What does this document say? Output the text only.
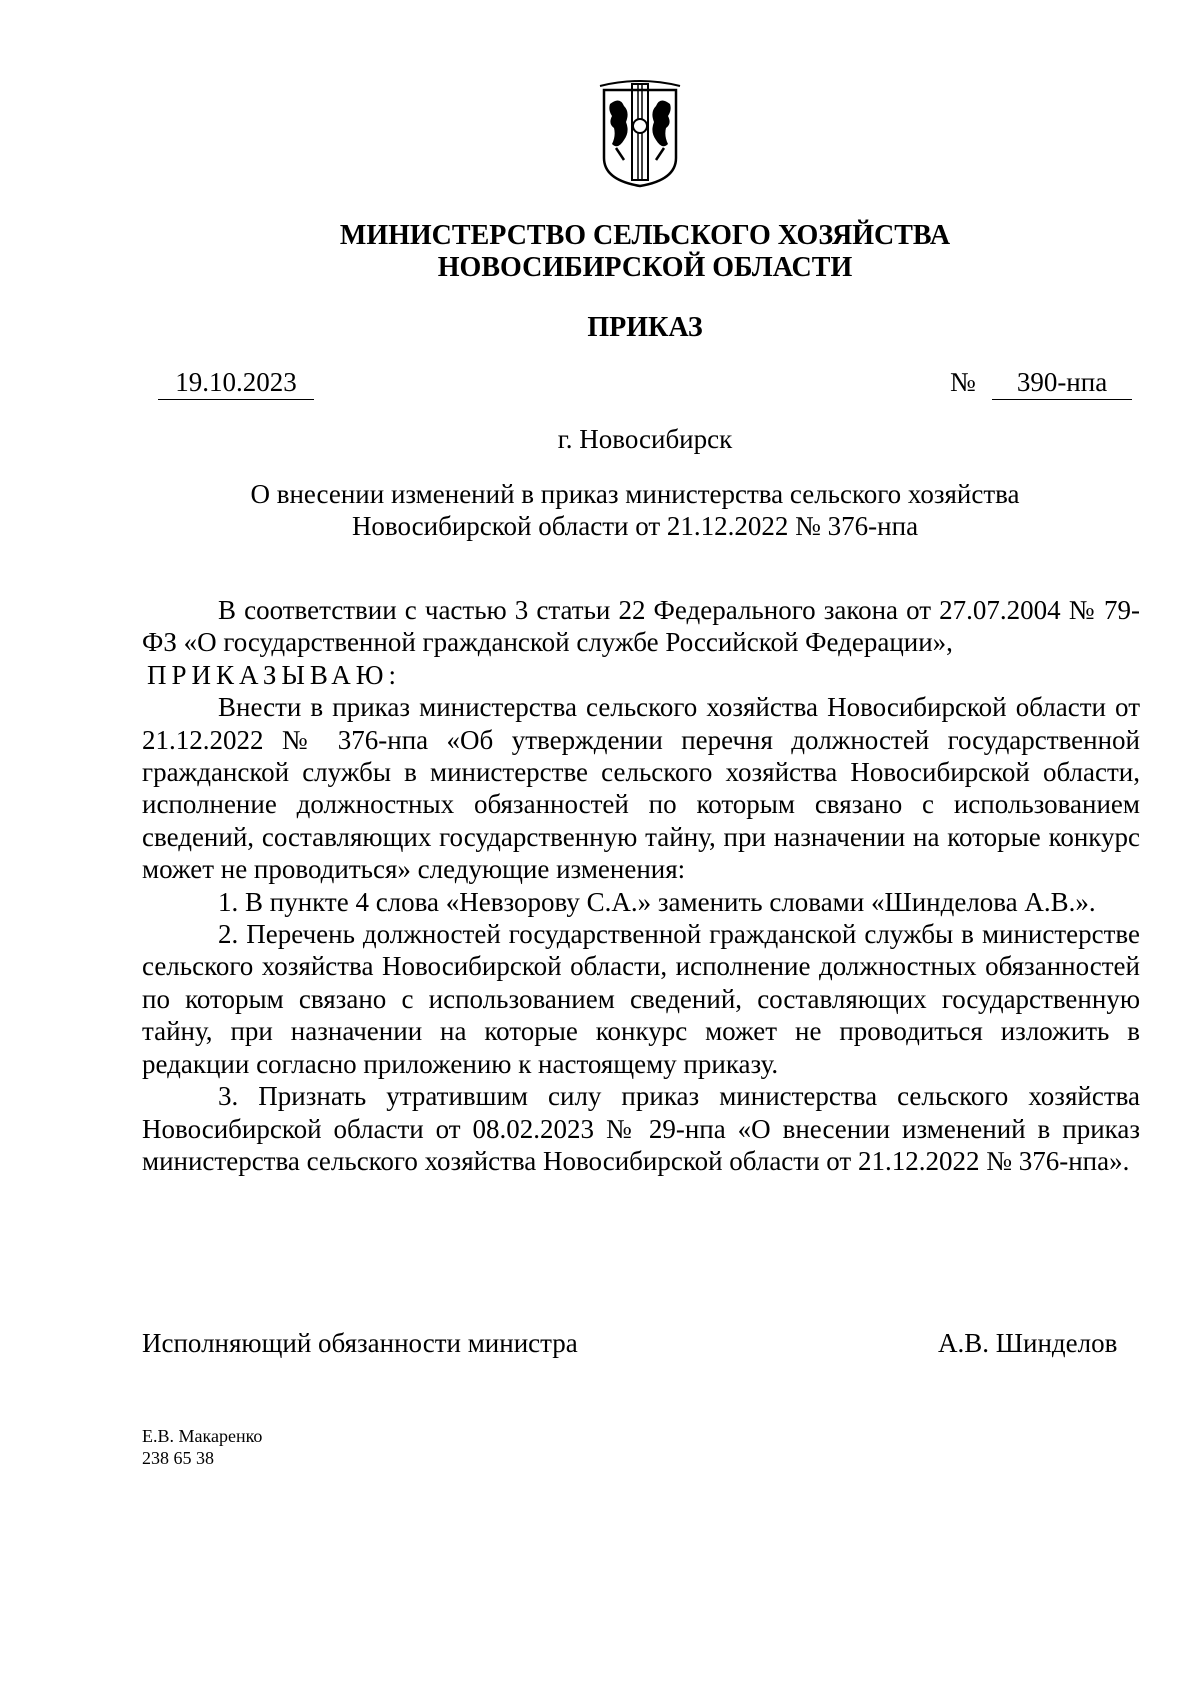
МИНИСТЕРСТВО СЕЛЬСКОГО ХОЗЯЙСТВА
НОВОСИБИРСКОЙ ОБЛАСТИ
ПРИКАЗ
19.10.2023	№	390-нпа
г. Новосибирск
О внесении изменений в приказ министерства сельского хозяйства
Новосибирской области от 21.12.2022 № 376-нпа

В соответствии с частью 3 статьи 22 Федерального закона от 27.07.2004 № 79-ФЗ «О государственной гражданской службе Российской Федерации»,

ПРИКАЗЫВАЮ:

Внести в приказ министерства сельского хозяйства Новосибирской области от 21.12.2022 № 376-нпа «Об утверждении перечня должностей государственной гражданской службы в министерстве сельского хозяйства Новосибирской области, исполнение должностных обязанностей по которым связано с использованием сведений, составляющих государственную тайну, при назначении на которые конкурс может не проводиться» следующие изменения:

1. В пункте 4 слова «Невзорову С.А.» заменить словами «Шинделова А.В.».

2. Перечень должностей государственной гражданской службы в министерстве сельского хозяйства Новосибирской области, исполнение должностных обязанностей по которым связано с использованием сведений, составляющих государственную тайну, при назначении на которые конкурс может не проводиться изложить в редакции согласно приложению к настоящему приказу.

3. Признать утратившим силу приказ министерства сельского хозяйства Новосибирской области от 08.02.2023 № 29-нпа «О внесении изменений в приказ министерства сельского хозяйства Новосибирской области от 21.12.2022 № 376-нпа».

Исполняющий обязанности министра	А.В. Шинделов
Е.В. Макаренко
238 65 38
